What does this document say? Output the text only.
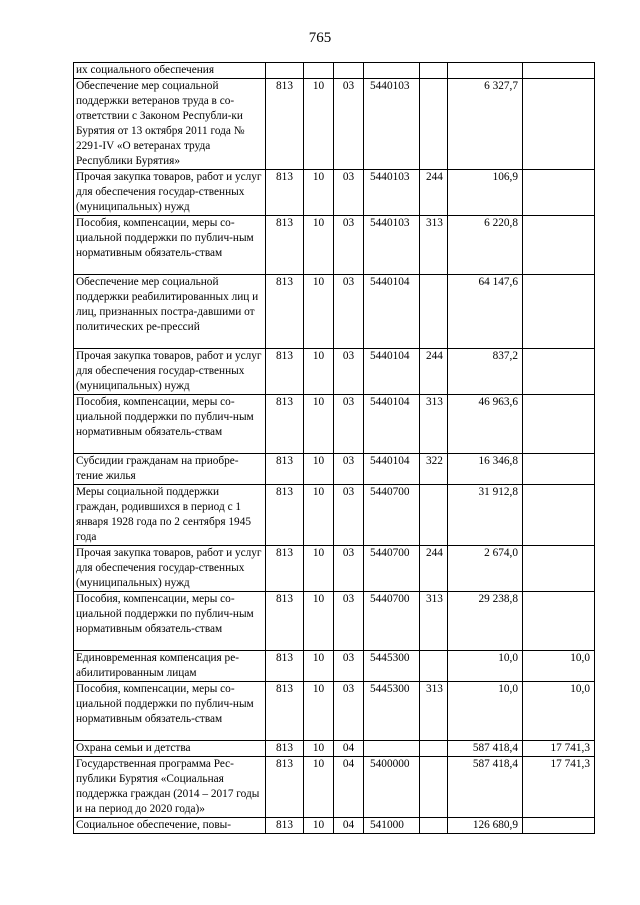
765
их социального обеспечения							
Обеспечение мер социальной поддержки ветеранов труда в со-ответствии с Законом Республи-ки Бурятия от 13 октября 2011 года № 2291-IV «О ветеранах труда Республики Бурятия»	813	10	03	5440103		6 327,7	
Прочая закупка товаров, работ и услуг для обеспечения государ-ственных (муниципальных) нужд	813	10	03	5440103	244	106,9	
Пособия, компенсации, меры со-циальной поддержки по публич-ным нормативным обязатель-ствам	813	10	03	5440103	313	6 220,8	
Обеспечение мер социальной поддержки реабилитированных лиц и лиц, признанных постра-давшими от политических ре-прессий	813	10	03	5440104		64 147,6	
Прочая закупка товаров, работ и услуг для обеспечения государ-ственных (муниципальных) нужд	813	10	03	5440104	244	837,2	
Пособия, компенсации, меры со-циальной поддержки по публич-ным нормативным обязатель-ствам	813	10	03	5440104	313	46 963,6	
Субсидии гражданам на приобре-тение жилья	813	10	03	5440104	322	16 346,8	
Меры социальной поддержки граждан, родившихся в период с 1 января 1928 года по 2 сентября 1945 года	813	10	03	5440700		31 912,8	
Прочая закупка товаров, работ и услуг для обеспечения государ-ственных (муниципальных) нужд	813	10	03	5440700	244	2 674,0	
Пособия, компенсации, меры со-циальной поддержки по публич-ным нормативным обязатель-ствам	813	10	03	5440700	313	29 238,8	
Единовременная компенсация ре-абилитированным лицам	813	10	03	5445300		10,0	10,0
Пособия, компенсации, меры со-циальной поддержки по публич-ным нормативным обязатель-ствам	813	10	03	5445300	313	10,0	10,0
Охрана семьи и детства	813	10	04			587 418,4	17 741,3
Государственная программа Рес-публики Бурятия «Социальная поддержка граждан (2014 – 2017 годы и на период до 2020 года)»	813	10	04	5400000		587 418,4	17 741,3
Социальное обеспечение, повы-	813	10	04	541000		126 680,9	
